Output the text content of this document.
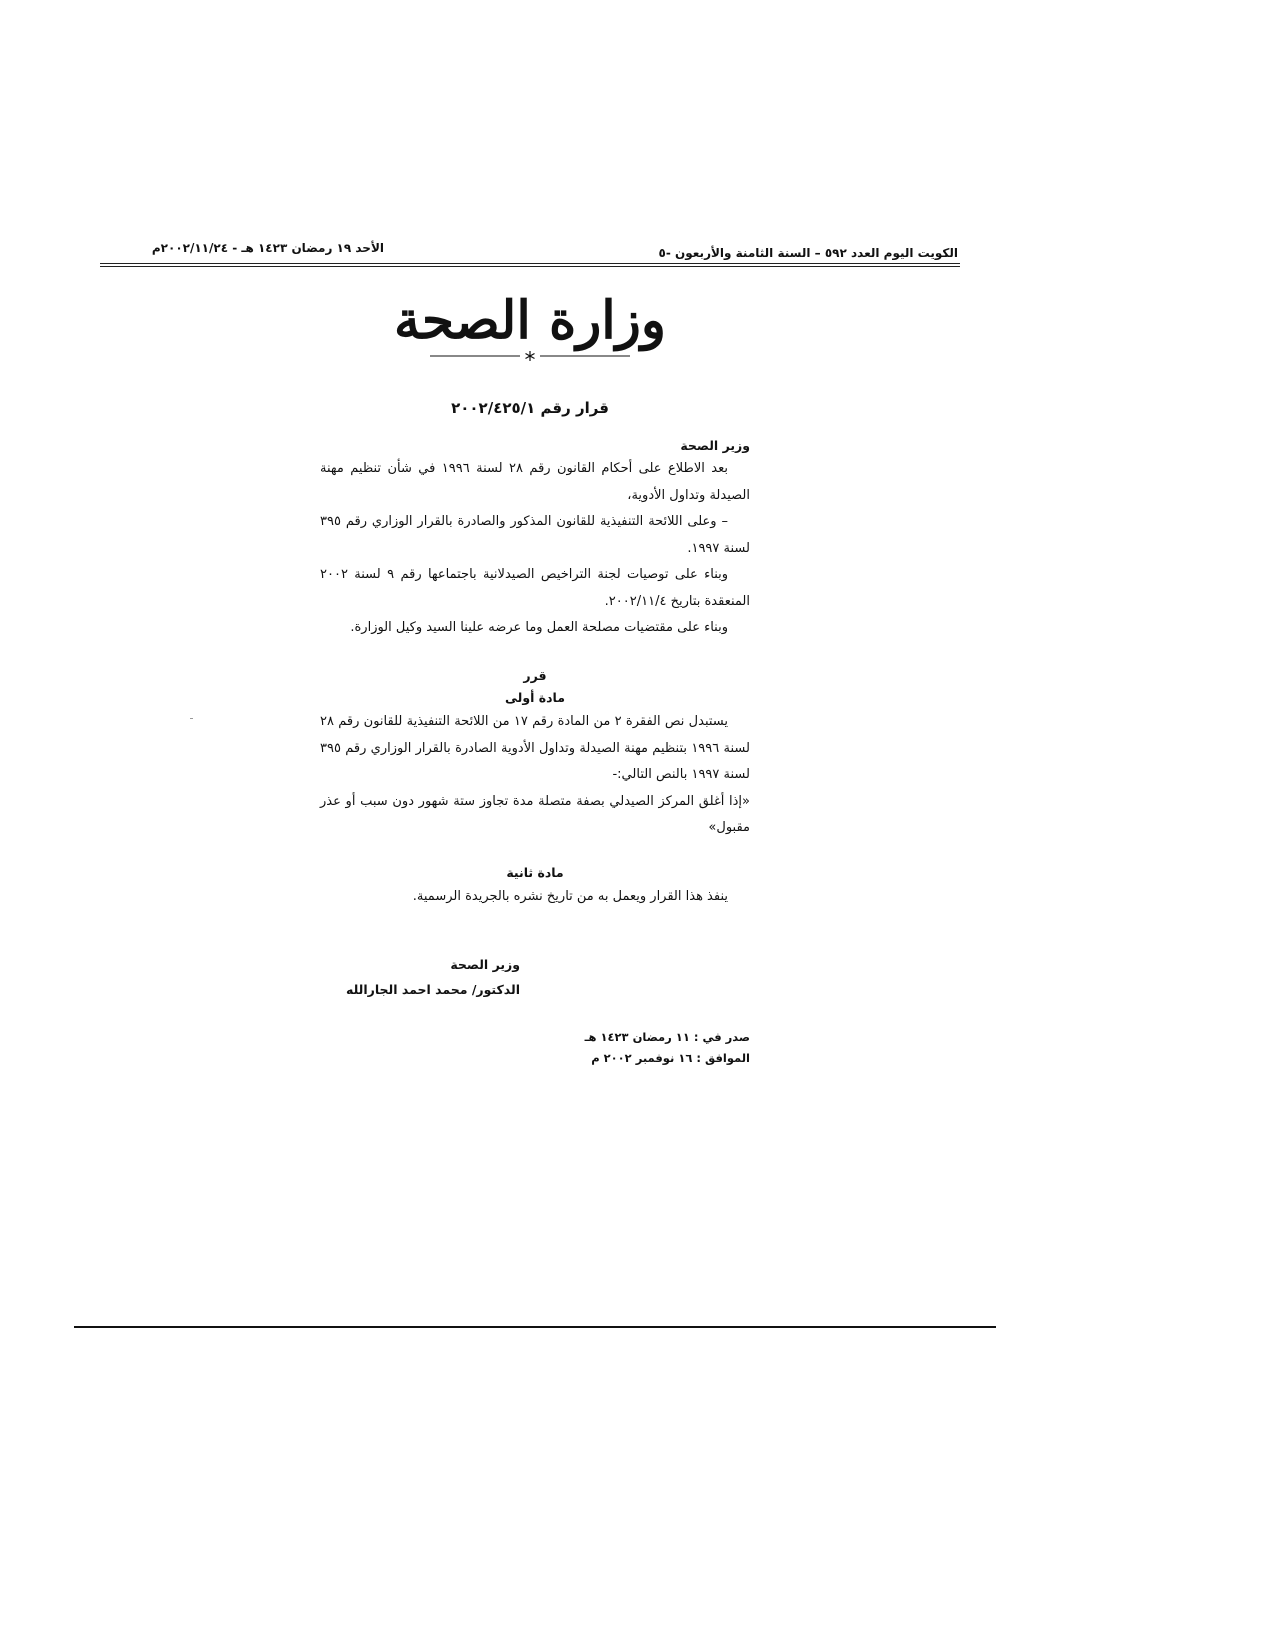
الكويت اليوم العدد ٥٩٢ – السنة الثامنة والأربعون -٥
الأحد ١٩ رمضان ١٤٢٣ هـ - ٢٠٠٢/١١/٢٤م
وزارة الصحة
قرار رقم ٢٠٠٢/٤٢٥/١
وزير الصحة

بعد الاطلاع على أحكام القانون رقم ٢٨ لسنة ١٩٩٦ في شأن تنظيم مهنة الصيدلة وتداول الأدوية،

– وعلى اللائحة التنفيذية للقانون المذكور والصادرة بالقرار الوزاري رقم ٣٩٥ لسنة ١٩٩٧.

وبناء على توصيات لجنة التراخيص الصيدلانية باجتماعها رقم ٩ لسنة ٢٠٠٢ المنعقدة بتاريخ ٢٠٠٢/١١/٤.

وبناء على مقتضيات مصلحة العمل وما عرضه علينا السيد وكيل الوزارة.

قرر

مادة أولى

يستبدل نص الفقرة ٢ من المادة رقم ١٧ من اللائحة التنفيذية للقانون رقم ٢٨ لسنة ١٩٩٦ بتنظيم مهنة الصيدلة وتداول الأدوية الصادرة بالقرار الوزاري رقم ٣٩٥ لسنة ١٩٩٧ بالنص التالي:-

«إذا أغلق المركز الصيدلي بصفة متصلة مدة تجاوز ستة شهور دون سبب أو عذر مقبول»

مادة ثانية

ينفذ هذا القرار ويعمل به من تاريخ نشره بالجريدة الرسمية.

وزير الصحة
الدكتور/ محمد احمد الجارالله
صدر في : ١١ رمضان ١٤٢٣ هـ
الموافق : ١٦ نوفمبر ٢٠٠٢ م
